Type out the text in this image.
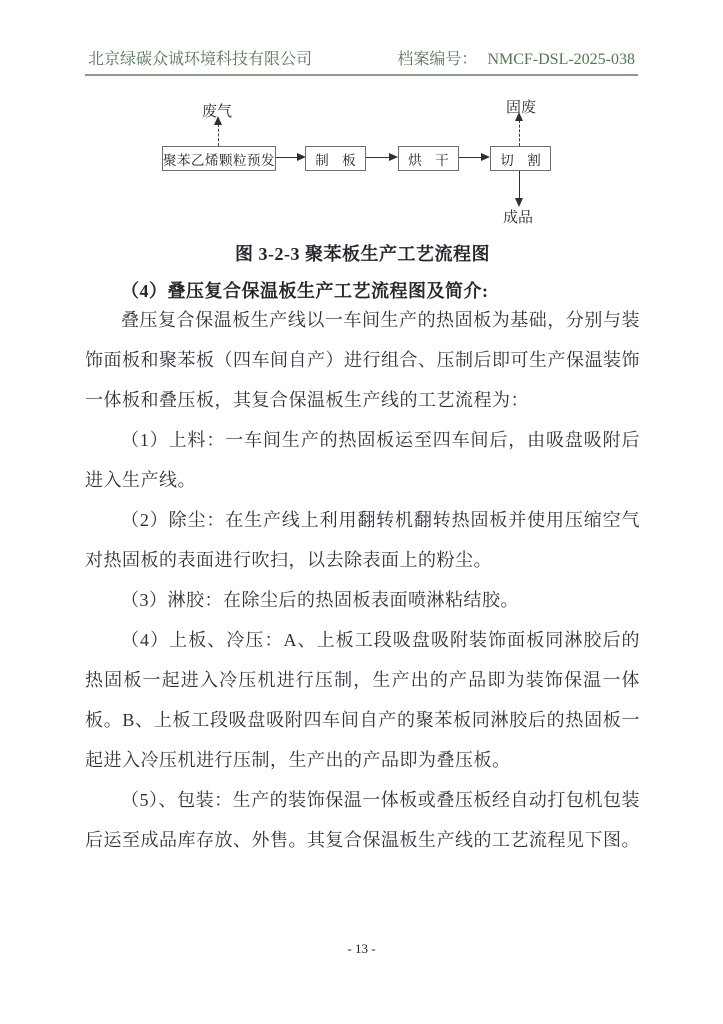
北京绿碳众诚环境科技有限公司	档案编号： NMCF-DSL-2025-038
废气	固废
成品
聚苯乙烯颗粒预发	制　板	烘　干	切　割
图 3-2-3 聚苯板生产工艺流程图
（4）叠压复合保温板生产工艺流程图及简介:

叠压复合保温板生产线以一车间生产的热固板为基础，分别与装饰面板和聚苯板（四车间自产）进行组合、压制后即可生产保温装饰一体板和叠压板，其复合保温板生产线的工艺流程为：

（1）上料：一车间生产的热固板运至四车间后，由吸盘吸附后进入生产线。

（2）除尘：在生产线上利用翻转机翻转热固板并使用压缩空气对热固板的表面进行吹扫，以去除表面上的粉尘。

（3）淋胶：在除尘后的热固板表面喷淋粘结胶。

（4）上板、冷压：A、上板工段吸盘吸附装饰面板同淋胶后的热固板一起进入冷压机进行压制，生产出的产品即为装饰保温一体板。B、上板工段吸盘吸附四车间自产的聚苯板同淋胶后的热固板一起进入冷压机进行压制，生产出的产品即为叠压板。

（5）、包装：生产的装饰保温一体板或叠压板经自动打包机包装后运至成品库存放、外售。其复合保温板生产线的工艺流程见下图。

- 13 -
